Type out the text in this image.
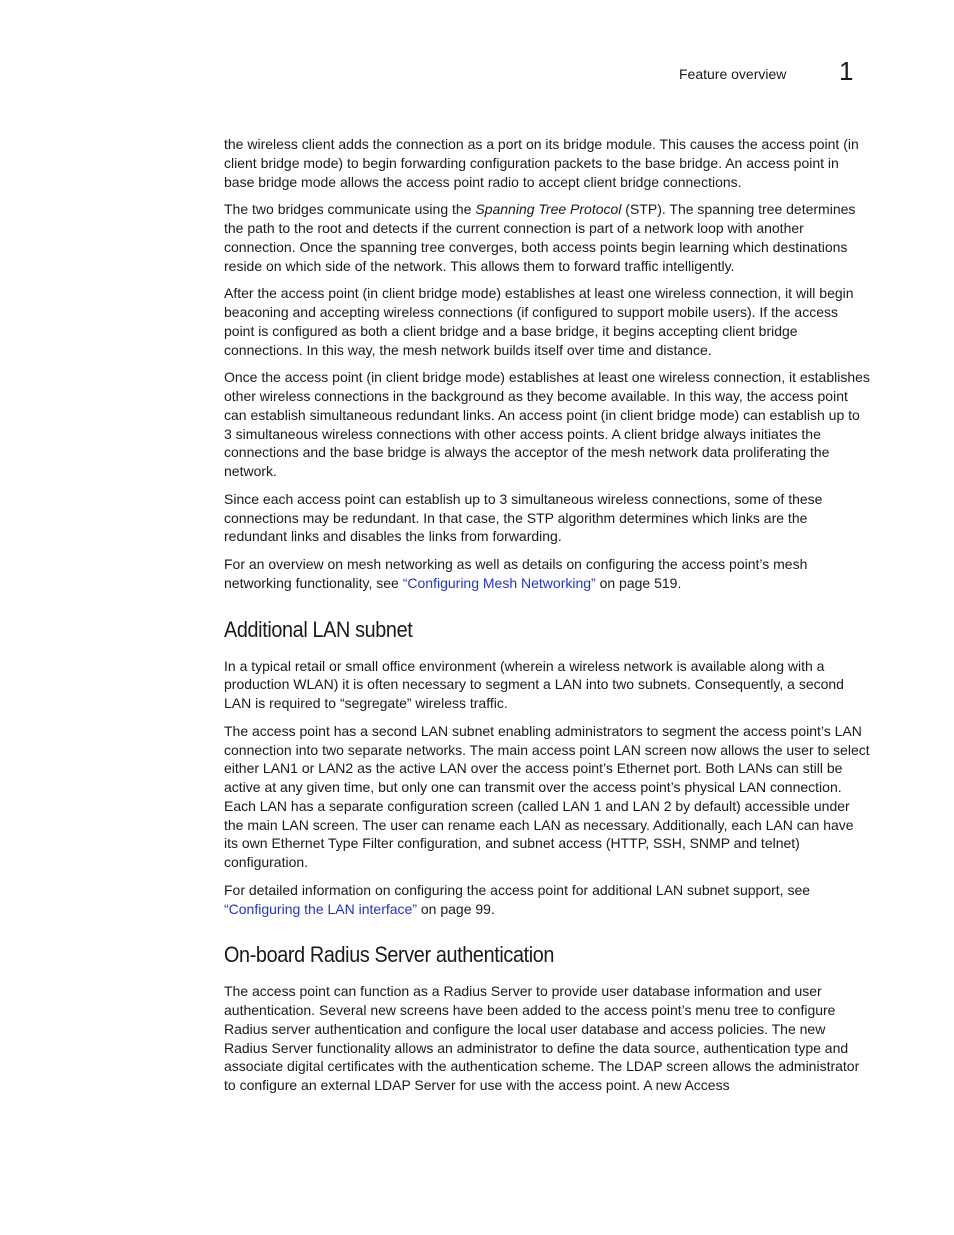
Feature overview 1

the wireless client adds the connection as a port on its bridge module. This causes the access point (in client bridge mode) to begin forwarding configuration packets to the base bridge. An access point in base bridge mode allows the access point radio to accept client bridge connections.

The two bridges communicate using the Spanning Tree Protocol (STP). The spanning tree determines the path to the root and detects if the current connection is part of a network loop with another connection. Once the spanning tree converges, both access points begin learning which destinations reside on which side of the network. This allows them to forward traffic intelligently.

After the access point (in client bridge mode) establishes at least one wireless connection, it will begin beaconing and accepting wireless connections (if configured to support mobile users). If the access point is configured as both a client bridge and a base bridge, it begins accepting client bridge connections. In this way, the mesh network builds itself over time and distance.

Once the access point (in client bridge mode) establishes at least one wireless connection, it establishes other wireless connections in the background as they become available. In this way, the access point can establish simultaneous redundant links. An access point (in client bridge mode) can establish up to 3 simultaneous wireless connections with other access points. A client bridge always initiates the connections and the base bridge is always the acceptor of the mesh network data proliferating the network.

Since each access point can establish up to 3 simultaneous wireless connections, some of these connections may be redundant. In that case, the STP algorithm determines which links are the redundant links and disables the links from forwarding.

For an overview on mesh networking as well as details on configuring the access point’s mesh networking functionality, see “Configuring Mesh Networking” on page 519.

Additional LAN subnet

In a typical retail or small office environment (wherein a wireless network is available along with a production WLAN) it is often necessary to segment a LAN into two subnets. Consequently, a second LAN is required to “segregate” wireless traffic.

The access point has a second LAN subnet enabling administrators to segment the access point’s LAN connection into two separate networks. The main access point LAN screen now allows the user to select either LAN1 or LAN2 as the active LAN over the access point’s Ethernet port. Both LANs can still be active at any given time, but only one can transmit over the access point’s physical LAN connection. Each LAN has a separate configuration screen (called LAN 1 and LAN 2 by default) accessible under the main LAN screen. The user can rename each LAN as necessary. Additionally, each LAN can have its own Ethernet Type Filter configuration, and subnet access (HTTP, SSH, SNMP and telnet) configuration.

For detailed information on configuring the access point for additional LAN subnet support, see “Configuring the LAN interface” on page 99.

On-board Radius Server authentication

The access point can function as a Radius Server to provide user database information and user authentication. Several new screens have been added to the access point’s menu tree to configure Radius server authentication and configure the local user database and access policies. The new Radius Server functionality allows an administrator to define the data source, authentication type and associate digital certificates with the authentication scheme. The LDAP screen allows the administrator to configure an external LDAP Server for use with the access point. A new Access
